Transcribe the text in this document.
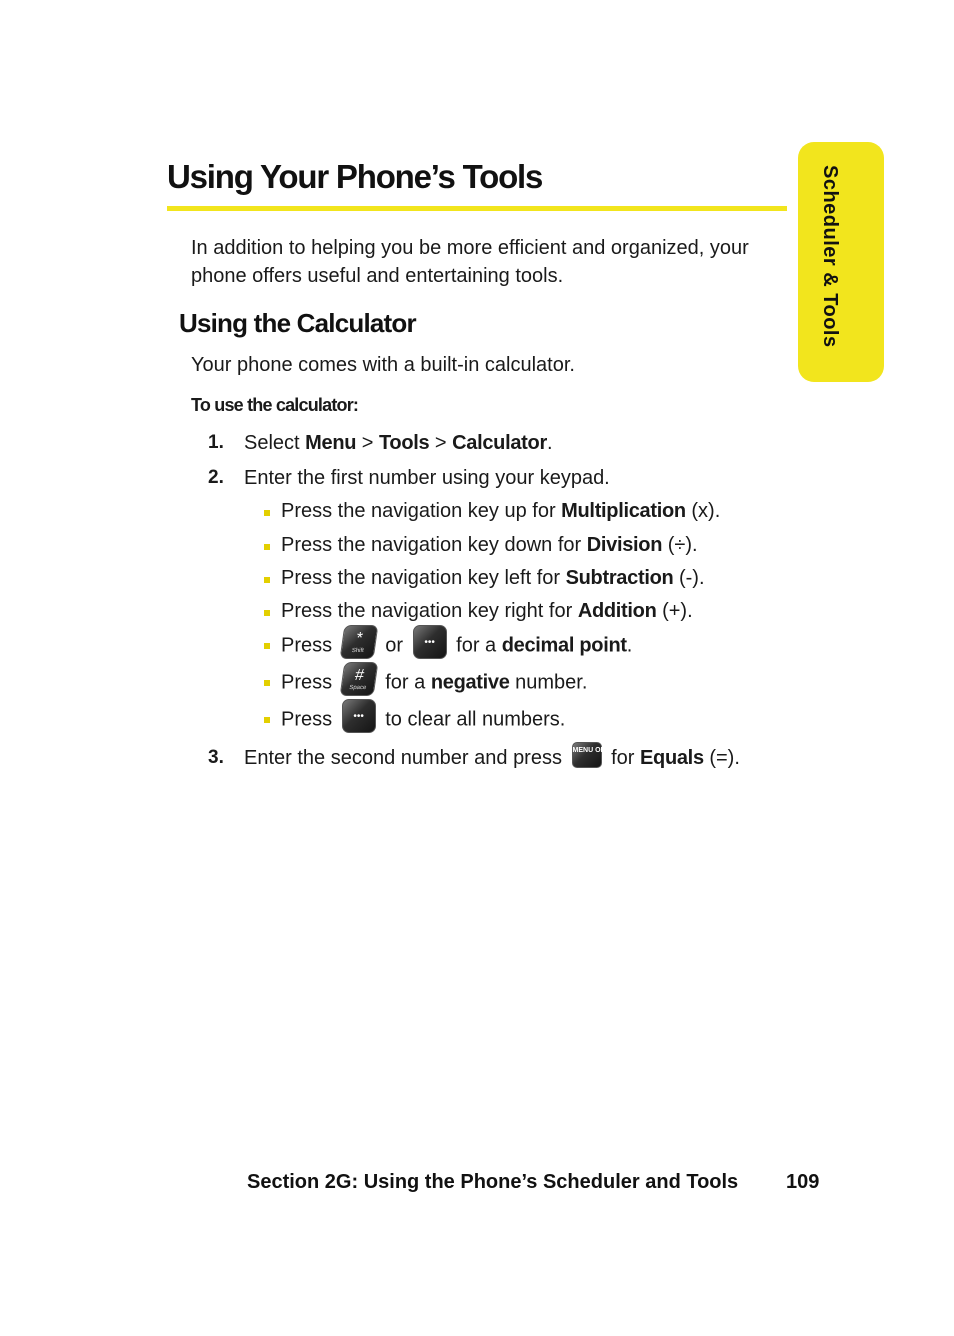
Using Your Phone’s Tools	Scheduler & Tools

In addition to helping you be more efficient and organized, your phone offers useful and entertaining tools.

Using the Calculator

Your phone comes with a built-in calculator.

To use the calculator:

1. Select Menu > Tools > Calculator.
2. Enter the first number using your keypad.
Press the navigation key up for Multiplication (x).
Press the navigation key down for Division (÷).
Press the navigation key left for Subtraction (-).
Press the navigation key right for Addition (+).
Press	*
Shift or	••• for a decimal point.
Press #
Space for a negative number.
Press	••• to clear all numbers.
3. Enter the second number and press MENU OK for Equals (=).

Section 2G: Using the Phone’s Scheduler and Tools 109
